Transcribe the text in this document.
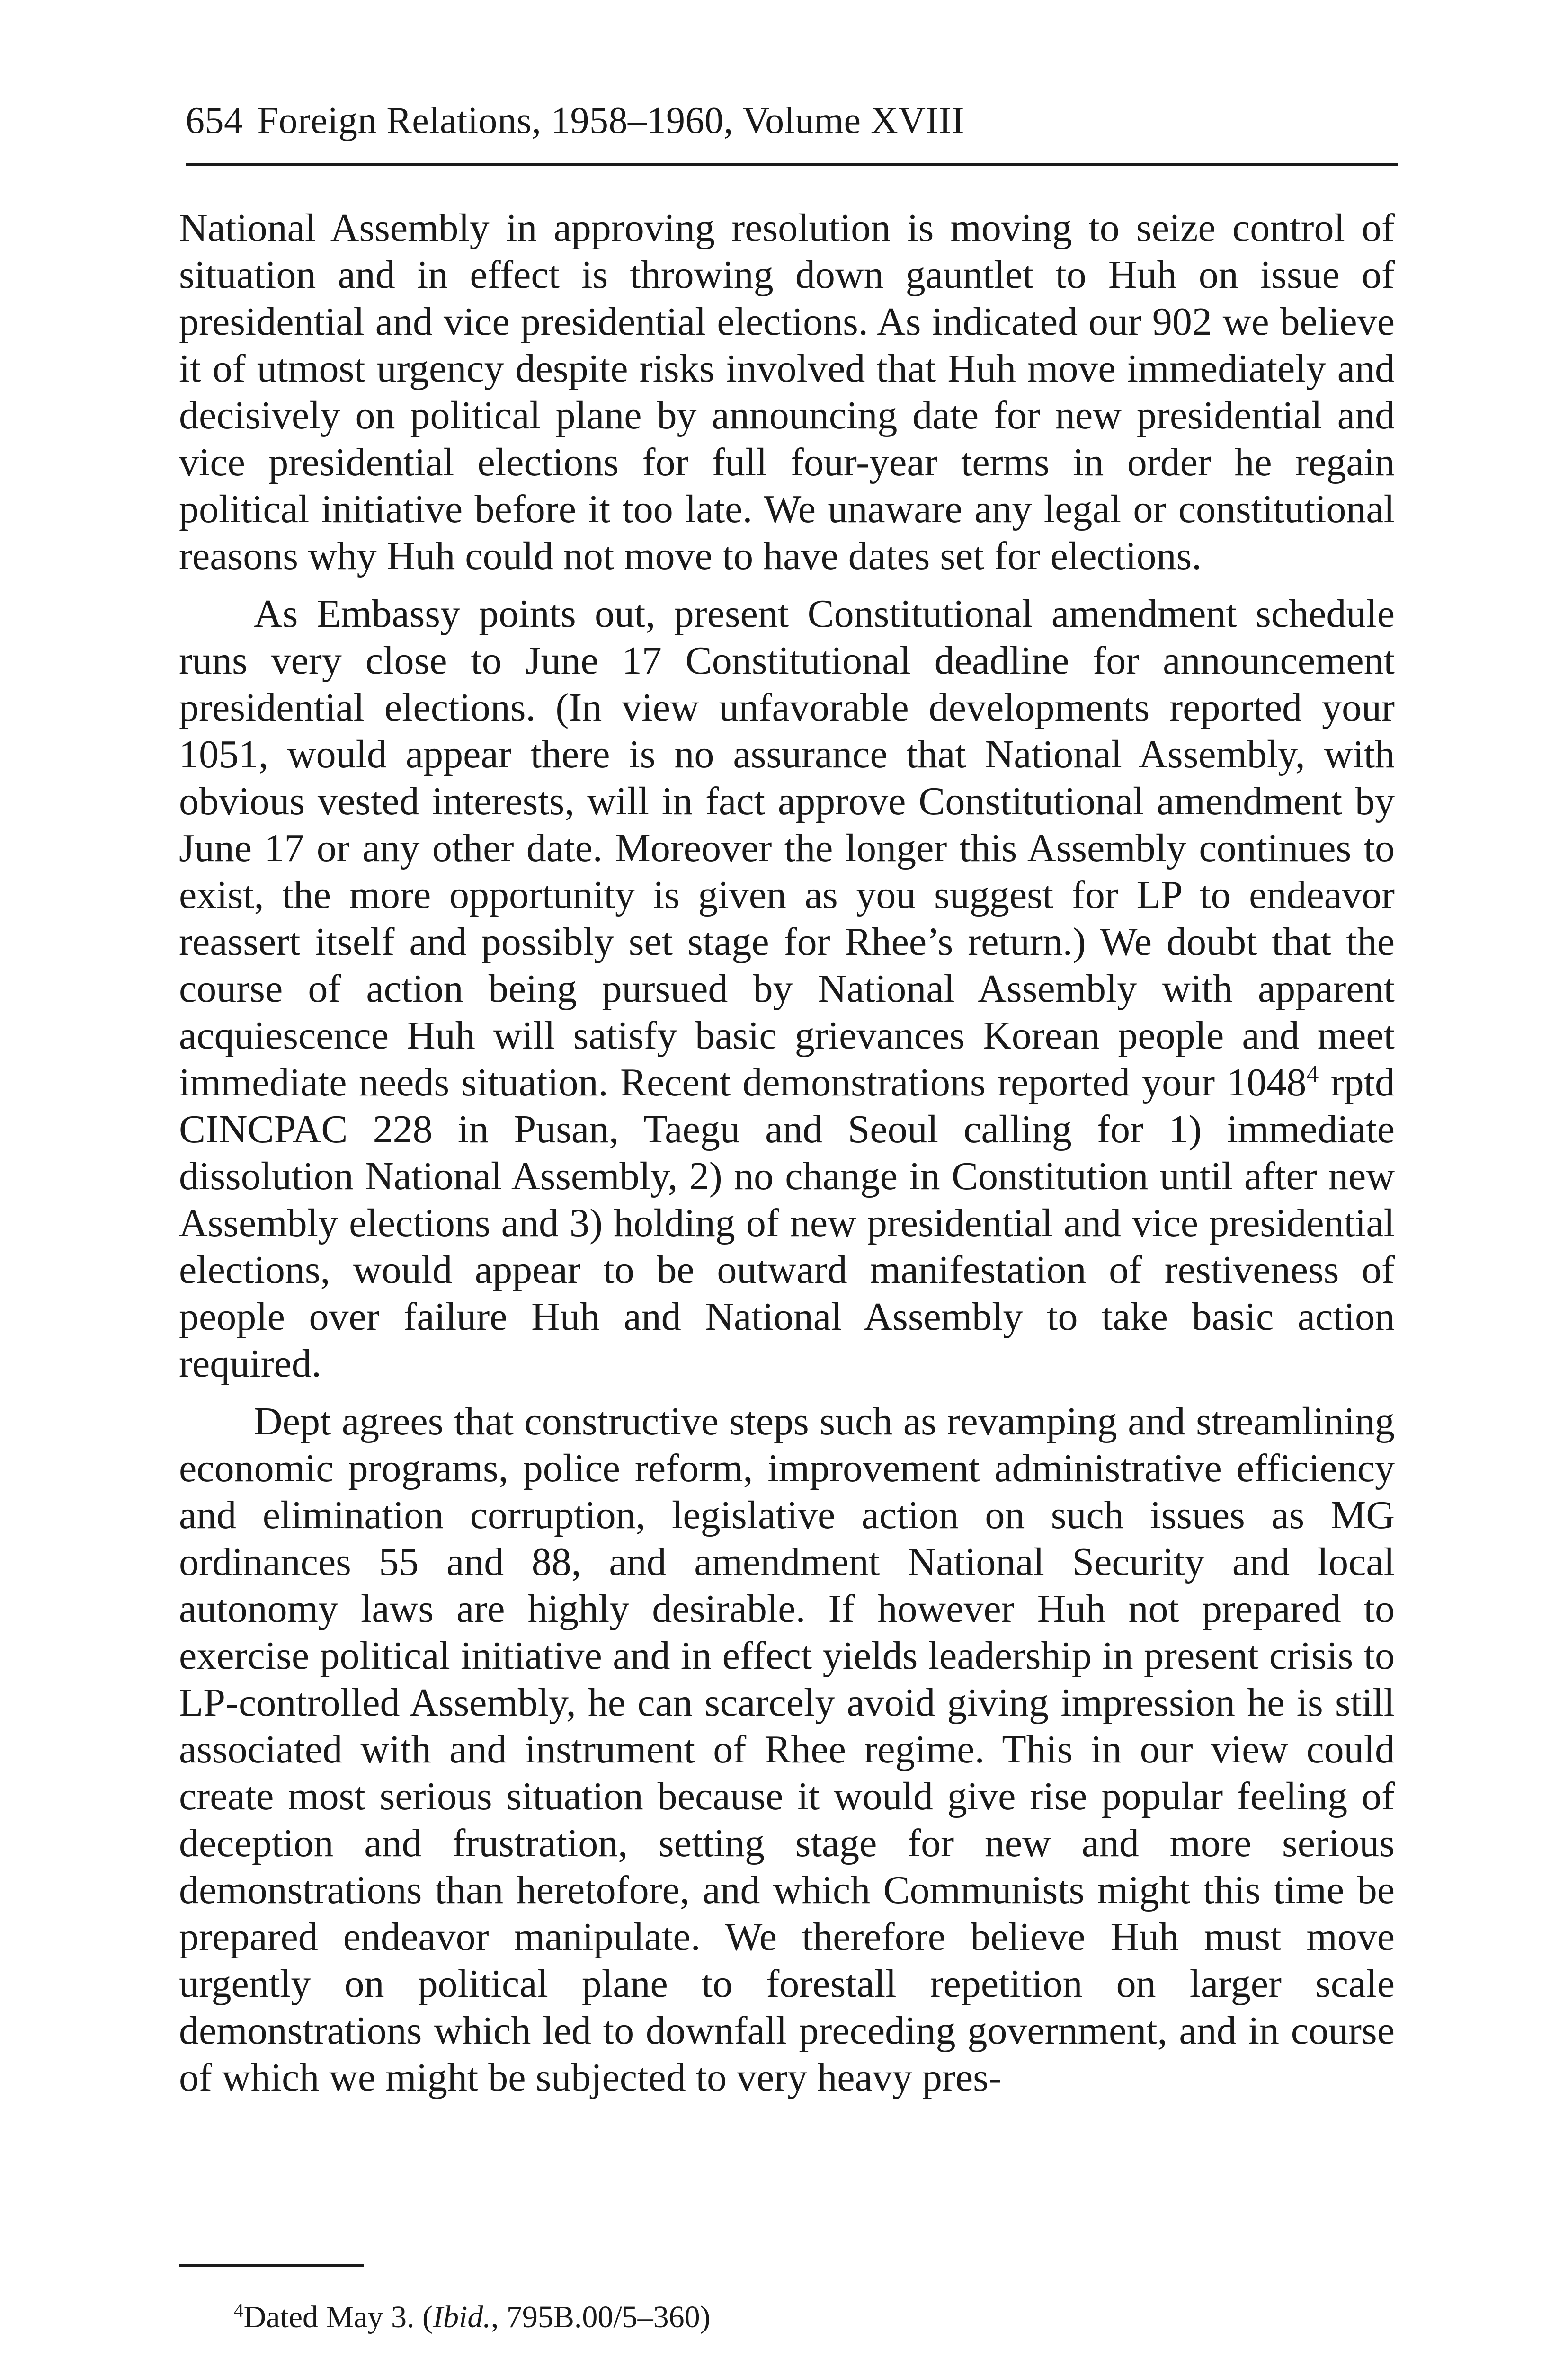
654 Foreign Relations, 1958–1960, Volume XVIII

National Assembly in approving resolution is moving to seize control of situation and in effect is throwing down gauntlet to Huh on issue of presidential and vice presidential elections. As indicated our 902 we believe it of utmost urgency despite risks involved that Huh move immediately and decisively on political plane by announcing date for new presidential and vice presidential elections for full four-year terms in order he regain political initiative before it too late. We unaware any legal or constitutional reasons why Huh could not move to have dates set for elections.

As Embassy points out, present Constitutional amendment schedule runs very close to June 17 Constitutional deadline for announcement presidential elections. (In view unfavorable developments reported your 1051, would appear there is no assurance that National Assembly, with obvious vested interests, will in fact approve Constitutional amendment by June 17 or any other date. Moreover the longer this Assembly continues to exist, the more opportunity is given as you suggest for LP to endeavor reassert itself and possibly set stage for Rhee’s return.) We doubt that the course of action being pursued by National Assembly with apparent acquiescence Huh will satisfy basic grievances Korean people and meet immediate needs situation. Recent demonstrations reported your 1048$^4$ rptd CINCPAC 228 in Pusan, Taegu and Seoul calling for 1) immediate dissolution National Assembly, 2) no change in Constitution until after new Assembly elections and 3) holding of new presidential and vice presidential elections, would appear to be outward manifestation of restiveness of people over failure Huh and National Assembly to take basic action required.

Dept agrees that constructive steps such as revamping and streamlining economic programs, police reform, improvement administrative efficiency and elimination corruption, legislative action on such issues as MG ordinances 55 and 88, and amendment National Security and local autonomy laws are highly desirable. If however Huh not prepared to exercise political initiative and in effect yields leadership in present crisis to LP-controlled Assembly, he can scarcely avoid giving impression he is still associated with and instrument of Rhee regime. This in our view could create most serious situation because it would give rise popular feeling of deception and frustration, setting stage for new and more serious demonstrations than heretofore, and which Communists might this time be prepared endeavor manipulate. We therefore believe Huh must move urgently on political plane to forestall repetition on larger scale demonstrations which led to downfall preceding government, and in course of which we might be subjected to very heavy pres-

$^4$Dated May 3. (Ibid., 795B.00/5–360)
